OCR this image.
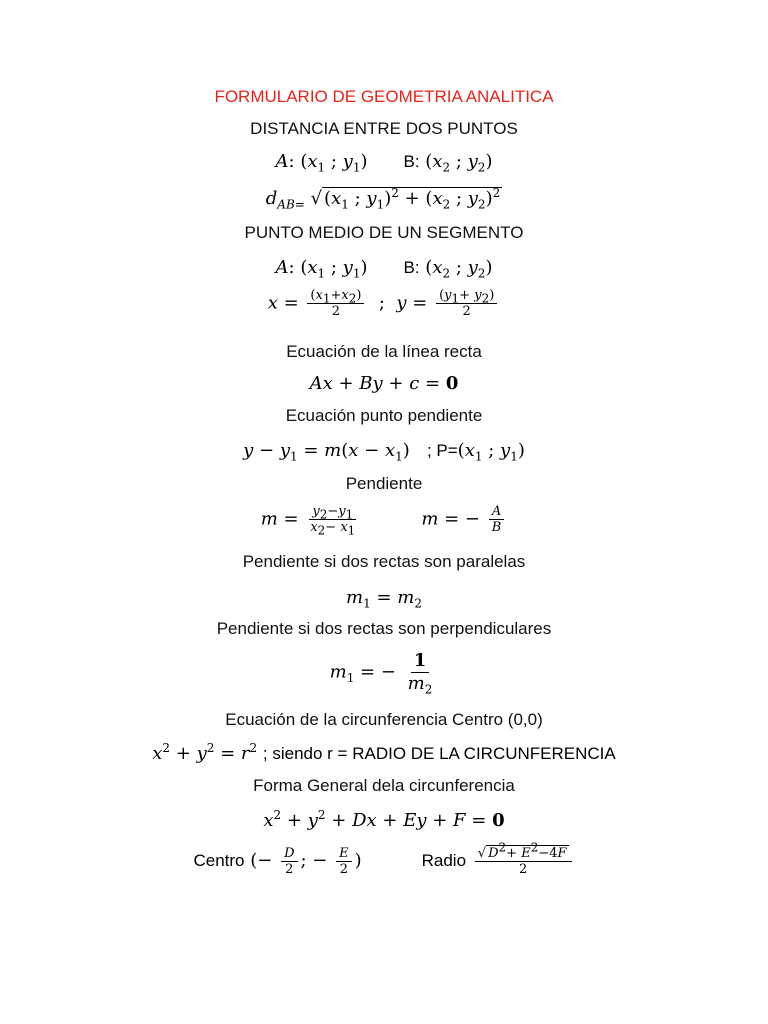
FORMULARIO DE GEOMETRIA ANALITICA
DISTANCIA ENTRE DOS PUNTOS
A: ($x_1$ ; $y_1$) B: ($x_2$ ; $y_2$)
$d_{AB=}$ √ ($x_1$ ; $y_1)^2 + (x_2$ ; $y_2)^2$
PUNTO MEDIO DE UN SEGMENTO
A: ($x_1$ ; $y_1$) B: ($x_2$ ; $y_2$)
$x = \frac{(x_1+x_2)}{2}$ ;  $y = \frac{(y_1+ y_2)}{2}$
Ecuación de la línea recta
Ax + By + c = 0
Ecuación punto pendiente
$y - y_1 = m(x - x_1)$   ; $P=(x_1$ ; $y_1$)
Pendiente
$m = \frac{y_2-y_1}{x_2- x_1}$	m = − $\frac{A}{B}$
Pendiente si dos rectas son paralelas
$m_1 = m_2$
Pendiente si dos rectas son perpendiculares
$m_1$ = − $\frac{1}{m_2}$
Ecuación de la circunferencia Centro (0,0)
$x^2 + y^2 = r^2$ ; siendo r = RADIO DE LA CIRCUNFERENCIA
Forma General dela circunferencia
$x^2 + y^2 + Dx + Ey + F = 0$
Centro (− $\frac{D}{2}$ ; − $\frac{E}{2}$ )	Radio $\frac{√ D^2+ E^2-4F}{2}$
